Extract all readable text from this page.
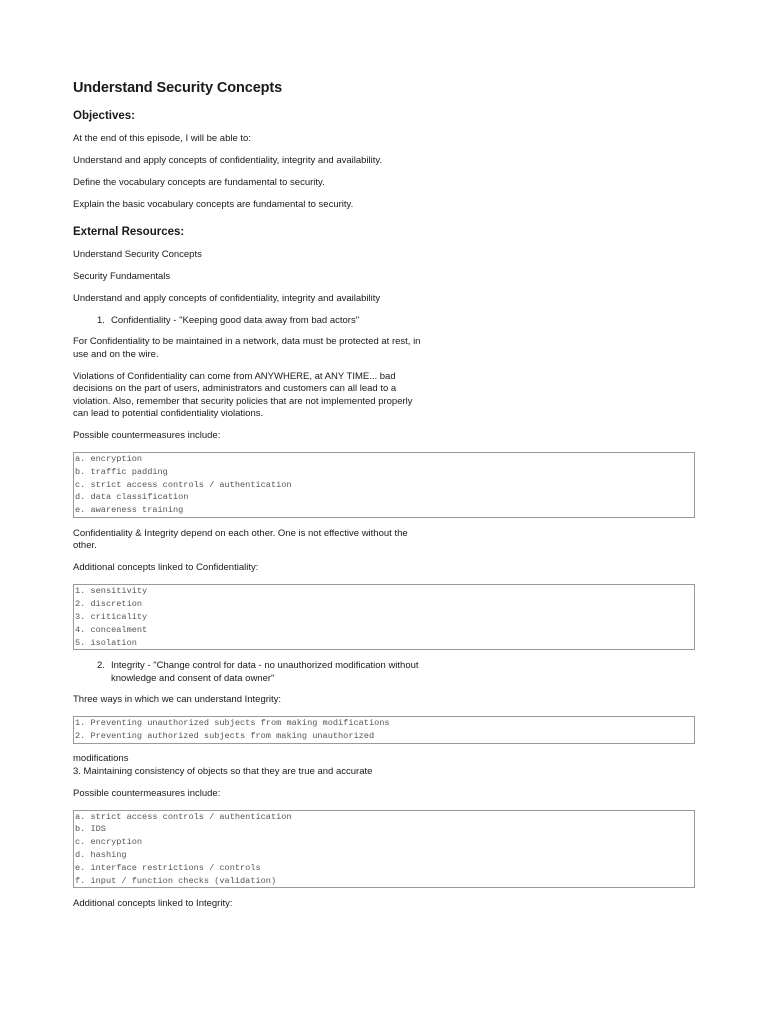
Understand Security Concepts
Objectives:

At the end of this episode, I will be able to:

Understand and apply concepts of confidentiality, integrity and availability.

Define the vocabulary concepts are fundamental to security.

Explain the basic vocabulary concepts are fundamental to security.

External Resources:

Understand Security Concepts

Security Fundamentals

Understand and apply concepts of confidentiality, integrity and availability

1. Confidentiality - "Keeping good data away from bad actors"

For Confidentiality to be maintained in a network, data must be protected at rest, in use and on the wire.

Violations of Confidentiality can come from ANYWHERE, at ANY TIME... bad decisions on the part of users, administrators and customers can all lead to a violation. Also, remember that security policies that are not implemented properly can lead to potential confidentiality violations.

Possible countermeasures include:

a. encryption
b. traffic padding
c. strict access controls / authentication
d. data classification
e. awareness training

Confidentiality & Integrity depend on each other. One is not effective without the other.

Additional concepts linked to Confidentiality:

1. sensitivity
2. discretion
3. criticality
4. concealment
5. isolation
2. Integrity - "Change control for data - no unauthorized modification without knowledge and consent of data owner"

Three ways in which we can understand Integrity:

1. Preventing unauthorized subjects from making modifications
2. Preventing authorized subjects from making unauthorized

modifications
3. Maintaining consistency of objects so that they are true and accurate

Possible countermeasures include:

a. strict access controls / authentication
b. IDS
c. encryption
d. hashing
e. interface restrictions / controls
f. input / function checks (validation)

Additional concepts linked to Integrity:
